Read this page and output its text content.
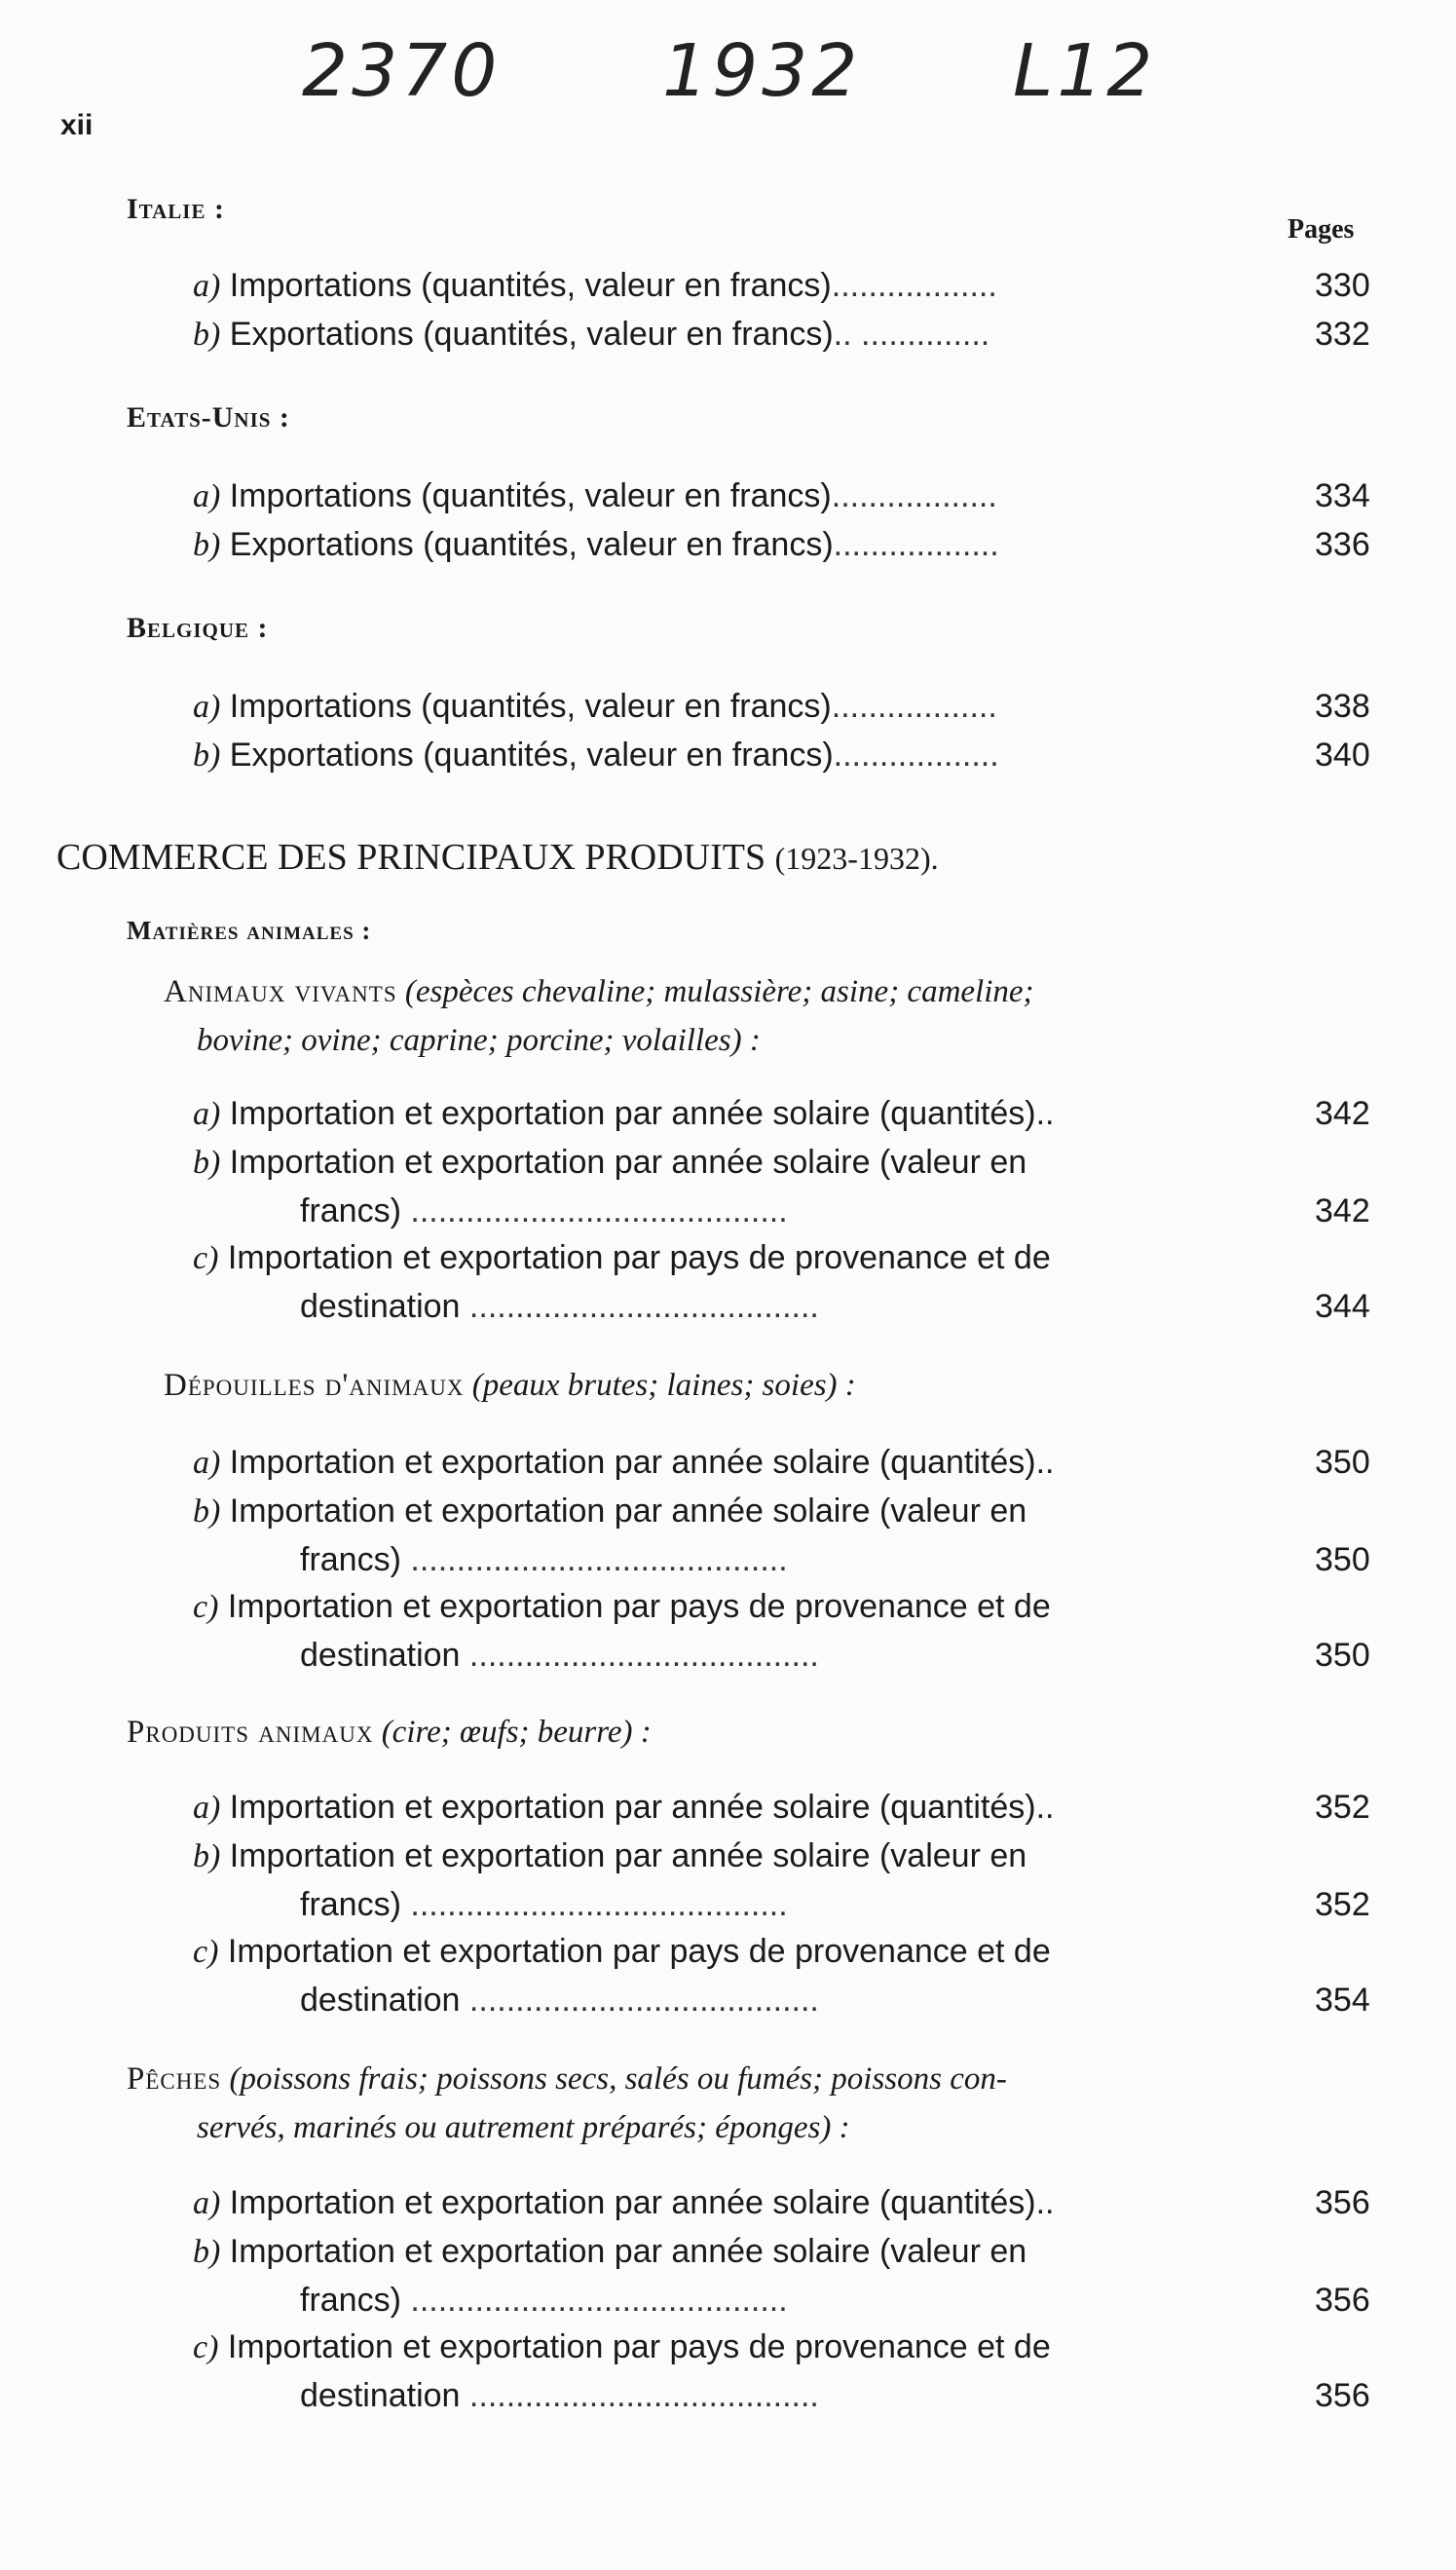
2370 1932 L12
xii
Pages
Italie :
a) Importations (quantités, valeur en francs)..................	330
b) Exportations (quantités, valeur en francs).. ..............	332
Etats-Unis :
a) Importations (quantités, valeur en francs)..................	334
b) Exportations (quantités, valeur en francs)..................	336
Belgique :
a) Importations (quantités, valeur en francs)..................	338
b) Exportations (quantités, valeur en francs)..................	340
COMMERCE DES PRINCIPAUX PRODUITS (1923-1932).
Matières animales :
Animaux vivants (espèces chevaline; mulassière; asine; cameline;
bovine; ovine; caprine; porcine; volailles) :
a) Importation et exportation par année solaire (quantités)..	342
b) Importation et exportation par année solaire (valeur en
francs) .........................................	342
c) Importation et exportation par pays de provenance et de
destination ......................................	344
Dépouilles d'animaux (peaux brutes; laines; soies) :
a) Importation et exportation par année solaire (quantités)..	350
b) Importation et exportation par année solaire (valeur en
francs) .........................................	350
c) Importation et exportation par pays de provenance et de
destination ......................................	350
Produits animaux (cire; œufs; beurre) :
a) Importation et exportation par année solaire (quantités)..	352
b) Importation et exportation par année solaire (valeur en
francs) .........................................	352
c) Importation et exportation par pays de provenance et de
destination ......................................	354
Pêches (poissons frais; poissons secs, salés ou fumés; poissons con-
servés, marinés ou autrement préparés; éponges) :
a) Importation et exportation par année solaire (quantités)..	356
b) Importation et exportation par année solaire (valeur en
francs) .........................................	356
c) Importation et exportation par pays de provenance et de
destination ......................................	356
